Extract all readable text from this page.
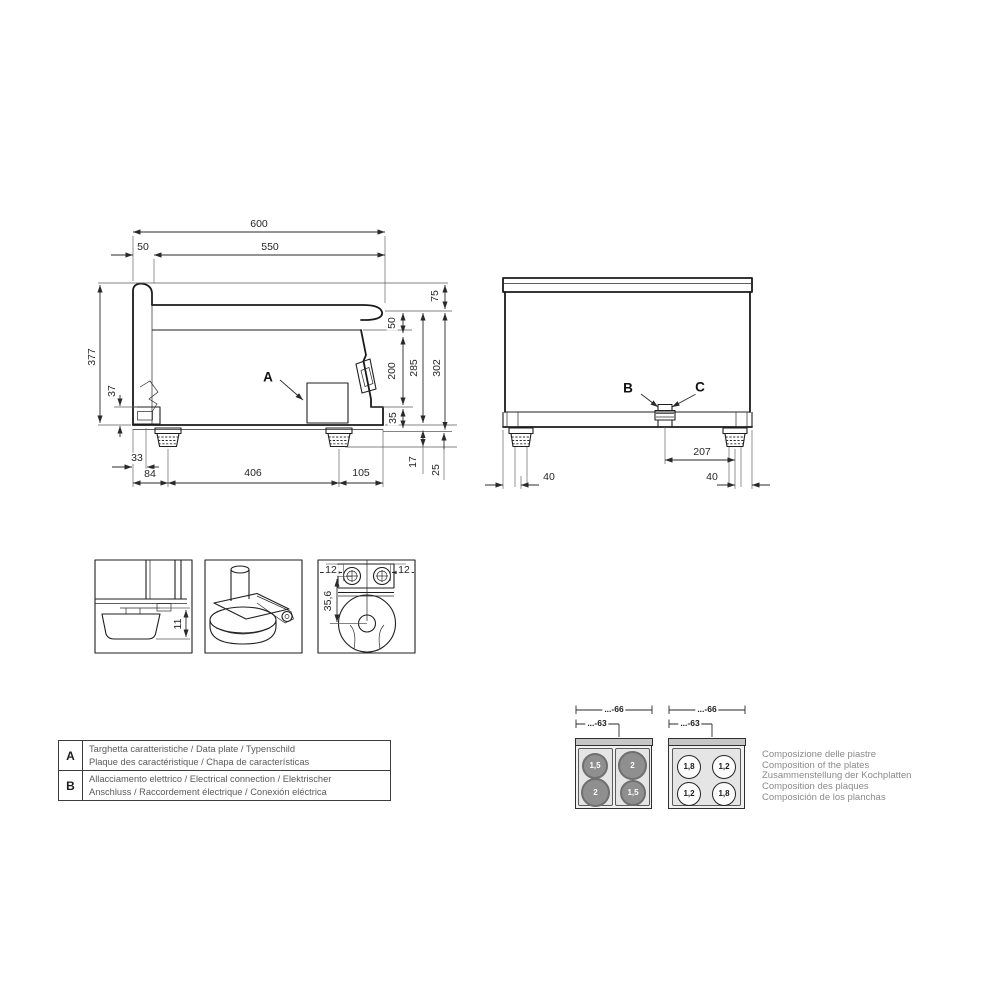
600
550
50
377
37
33
84	406	105
75
50
200 285 302
35
17
25
A
B	C
207
40	40
11
12	12
35,6
A	Targhetta caratteristiche / Data plate / Typenschild
Plaque des caractéristique / Chapa de características
B	Allacciamento elettrico / Electrical connection / Elektrischer
Anschluss / Raccordement électrique / Conexión eléctrica
1,5	2
2	1,5
1,8	1,2
1,2	1,8
...-66
...-63
...-66
...-63
Composizione delle piastre
Composition of the plates
Zusammenstellung der Kochplatten
Composition des plaques
Composición de los planchas
